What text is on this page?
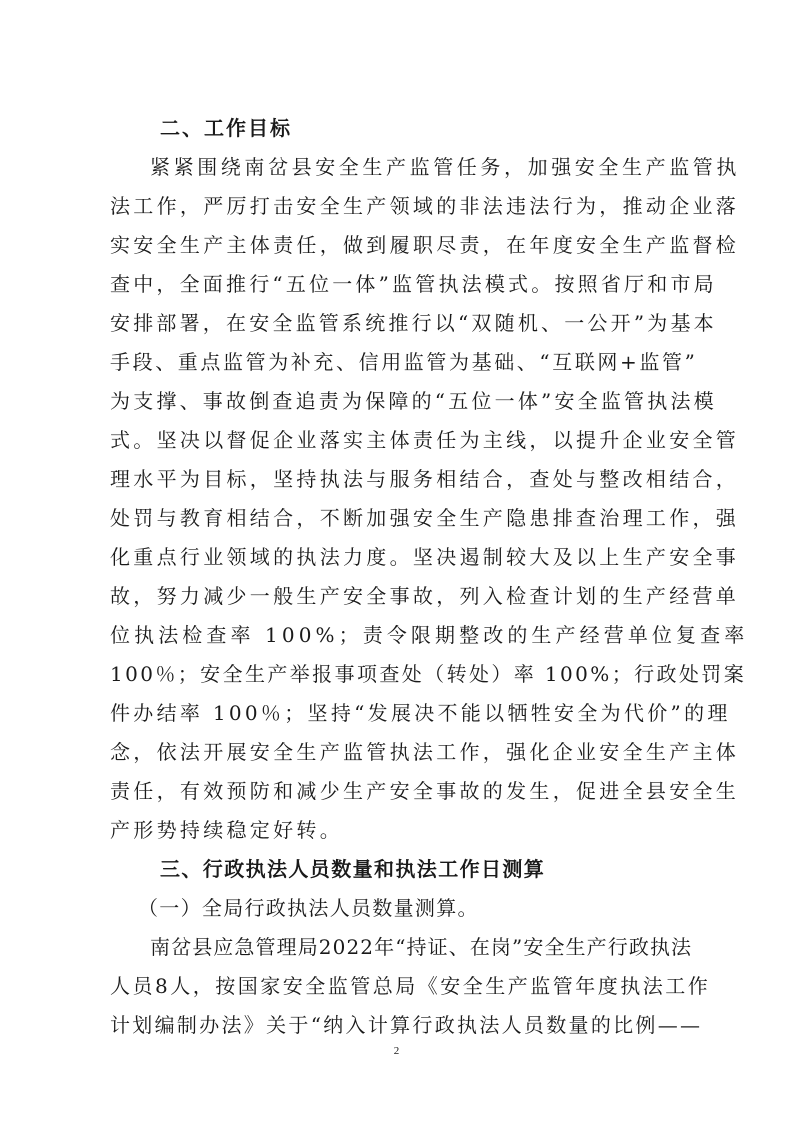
二、工作目标
紧紧围绕南岔县安全生产监管任务，加强安全生产监管执
法工作，严厉打击安全生产领域的非法违法行为，推动企业落
实安全生产主体责任，做到履职尽责，在年度安全生产监督检
查中，全面推行“五位一体”监管执法模式。按照省厅和市局
安排部署，在安全监管系统推行以“双随机、一公开”为基本
手段、重点监管为补充、信用监管为基础、“互联网+监管”
为支撑、事故倒查追责为保障的“五位一体”安全监管执法模
式。坚决以督促企业落实主体责任为主线，以提升企业安全管
理水平为目标，坚持执法与服务相结合，查处与整改相结合，
处罚与教育相结合，不断加强安全生产隐患排查治理工作，强
化重点行业领域的执法力度。坚决遏制较大及以上生产安全事
故，努力减少一般生产安全事故，列入检查计划的生产经营单
位执法检查率 100%；责令限期整改的生产经营单位复查率
100％；安全生产举报事项查处（转处）率 100%；行政处罚案
件办结率 100％；坚持“发展决不能以牺牲安全为代价”的理
念，依法开展安全生产监管执法工作，强化企业安全生产主体
责任，有效预防和减少生产安全事故的发生，促进全县安全生
产形势持续稳定好转。
三、行政执法人员数量和执法工作日测算
（一）全局行政执法人员数量测算。
南岔县应急管理局2022年“持证、在岗”安全生产行政执法
人员8人，按国家安全监管总局《安全生产监管年度执法工作
计划编制办法》关于“纳入计算行政执法人员数量的比例——
2
